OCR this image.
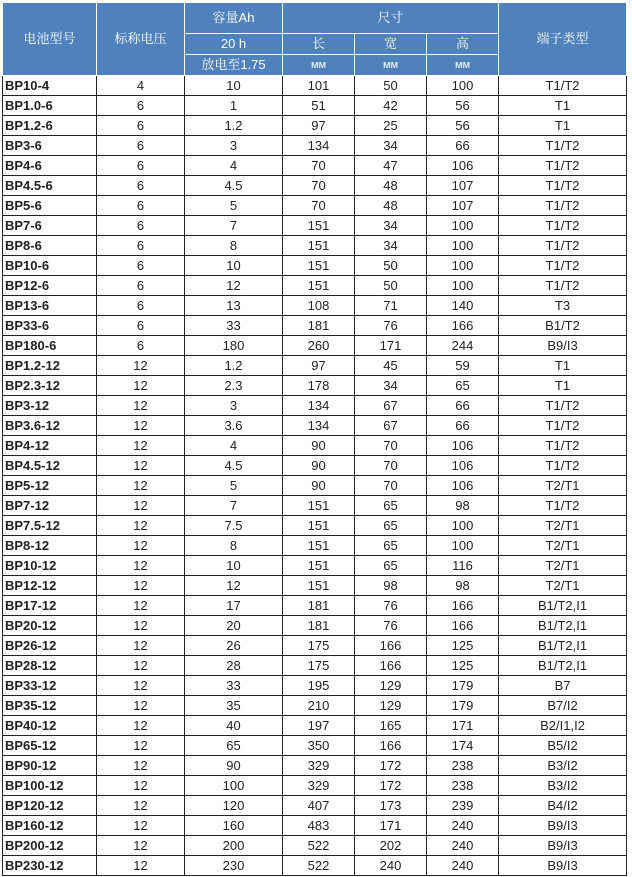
电池型号	标称电压	容量Ah	尺寸			端子类型
		20 h	长	宽	高	
		放电至1.75	мм	мм	мм	
BP10-4	4	10	101	50	100	T1/T2
BP1.0-6	6	1	51	42	56	T1
BP1.2-6	6	1.2	97	25	56	T1
BP3-6	6	3	134	34	66	T1/T2
BP4-6	6	4	70	47	106	T1/T2
BP4.5-6	6	4.5	70	48	107	T1/T2
BP5-6	6	5	70	48	107	T1/T2
BP7-6	6	7	151	34	100	T1/T2
BP8-6	6	8	151	34	100	T1/T2
BP10-6	6	10	151	50	100	T1/T2
BP12-6	6	12	151	50	100	T1/T2
BP13-6	6	13	108	71	140	T3
BP33-6	6	33	181	76	166	B1/T2
BP180-6	6	180	260	171	244	B9/I3
BP1.2-12	12	1.2	97	45	59	T1
BP2.3-12	12	2.3	178	34	65	T1
BP3-12	12	3	134	67	66	T1/T2
BP3.6-12	12	3.6	134	67	66	T1/T2
BP4-12	12	4	90	70	106	T1/T2
BP4.5-12	12	4.5	90	70	106	T1/T2
BP5-12	12	5	90	70	106	T2/T1
BP7-12	12	7	151	65	98	T1/T2
BP7.5-12	12	7.5	151	65	100	T2/T1
BP8-12	12	8	151	65	100	T2/T1
BP10-12	12	10	151	65	116	T2/T1
BP12-12	12	12	151	98	98	T2/T1
BP17-12	12	17	181	76	166	B1/T2,I1
BP20-12	12	20	181	76	166	B1/T2,I1
BP26-12	12	26	175	166	125	B1/T2,I1
BP28-12	12	28	175	166	125	B1/T2,I1
BP33-12	12	33	195	129	179	B7
BP35-12	12	35	210	129	179	B7/I2
BP40-12	12	40	197	165	171	B2/I1,I2
BP65-12	12	65	350	166	174	B5/I2
BP90-12	12	90	329	172	238	B3/I2
BP100-12	12	100	329	172	238	B3/I2
BP120-12	12	120	407	173	239	B4/I2
BP160-12	12	160	483	171	240	B9/I3
BP200-12	12	200	522	202	240	B9/I3
BP230-12	12	230	522	240	240	B9/I3
